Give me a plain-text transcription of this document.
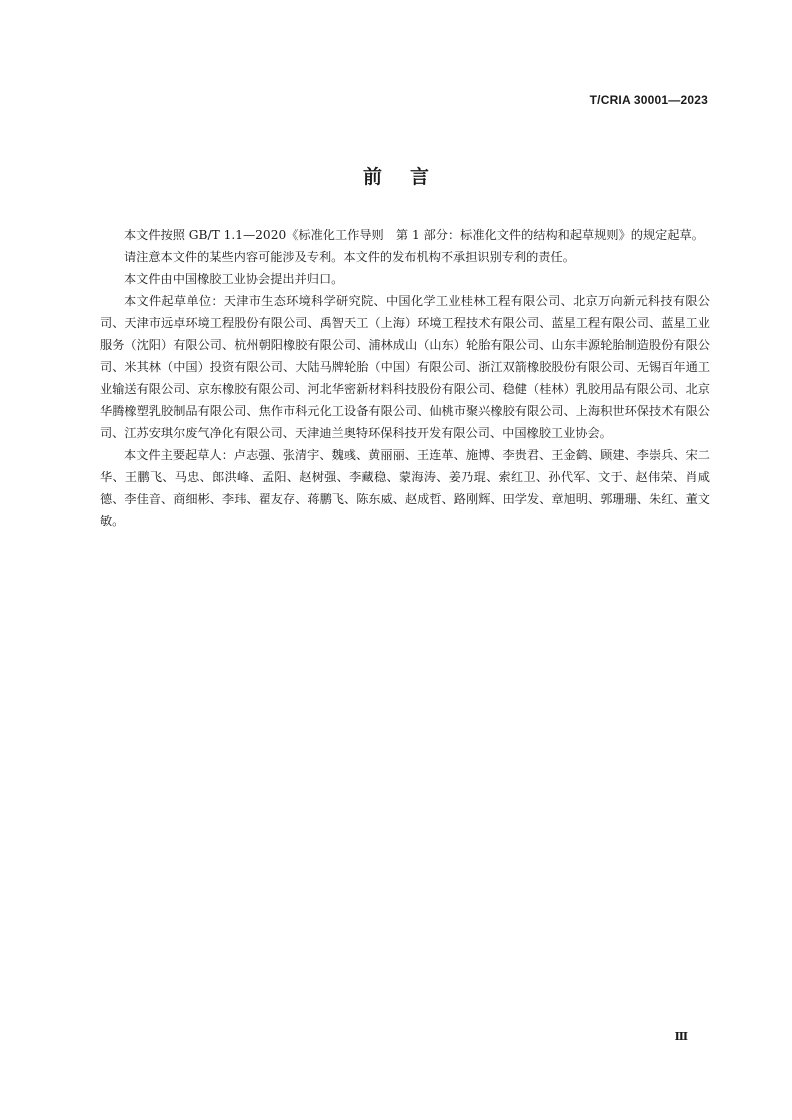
T/CRIA 30001—2023
前言

本文件按照 GB/T 1.1—2020《标准化工作导则　第 1 部分：标准化文件的结构和起草规则》的规定起草。

请注意本文件的某些内容可能涉及专利。本文件的发布机构不承担识别专利的责任。

本文件由中国橡胶工业协会提出并归口。

本文件起草单位：天津市生态环境科学研究院、中国化学工业桂林工程有限公司、北京万向新元科技有限公司、天津市远卓环境工程股份有限公司、禹智天工（上海）环境工程技术有限公司、蓝星工程有限公司、蓝星工业服务（沈阳）有限公司、杭州朝阳橡胶有限公司、浦林成山（山东）轮胎有限公司、山东丰源轮胎制造股份有限公司、米其林（中国）投资有限公司、大陆马牌轮胎（中国）有限公司、浙江双箭橡胶股份有限公司、无锡百年通工业输送有限公司、京东橡胶有限公司、河北华密新材料科技股份有限公司、稳健（桂林）乳胶用品有限公司、北京华腾橡塑乳胶制品有限公司、焦作市科元化工设备有限公司、仙桃市聚兴橡胶有限公司、上海积世环保技术有限公司、江苏安琪尔废气净化有限公司、天津迪兰奥特环保科技开发有限公司、中国橡胶工业协会。

本文件主要起草人：卢志强、张清宇、魏彧、黄丽丽、王连革、施博、李贵君、王金鹤、顾建、李崇兵、宋二华、王鹏飞、马忠、郎洪峰、孟阳、赵树强、李藏稳、蒙海涛、姜乃琨、索红卫、孙代军、文于、赵伟荣、肖咸德、李佳音、商细彬、李玮、翟友存、蒋鹏飞、陈东威、赵成哲、路刚辉、田学发、章旭明、郭珊珊、朱红、董文敏。

Ⅲ
